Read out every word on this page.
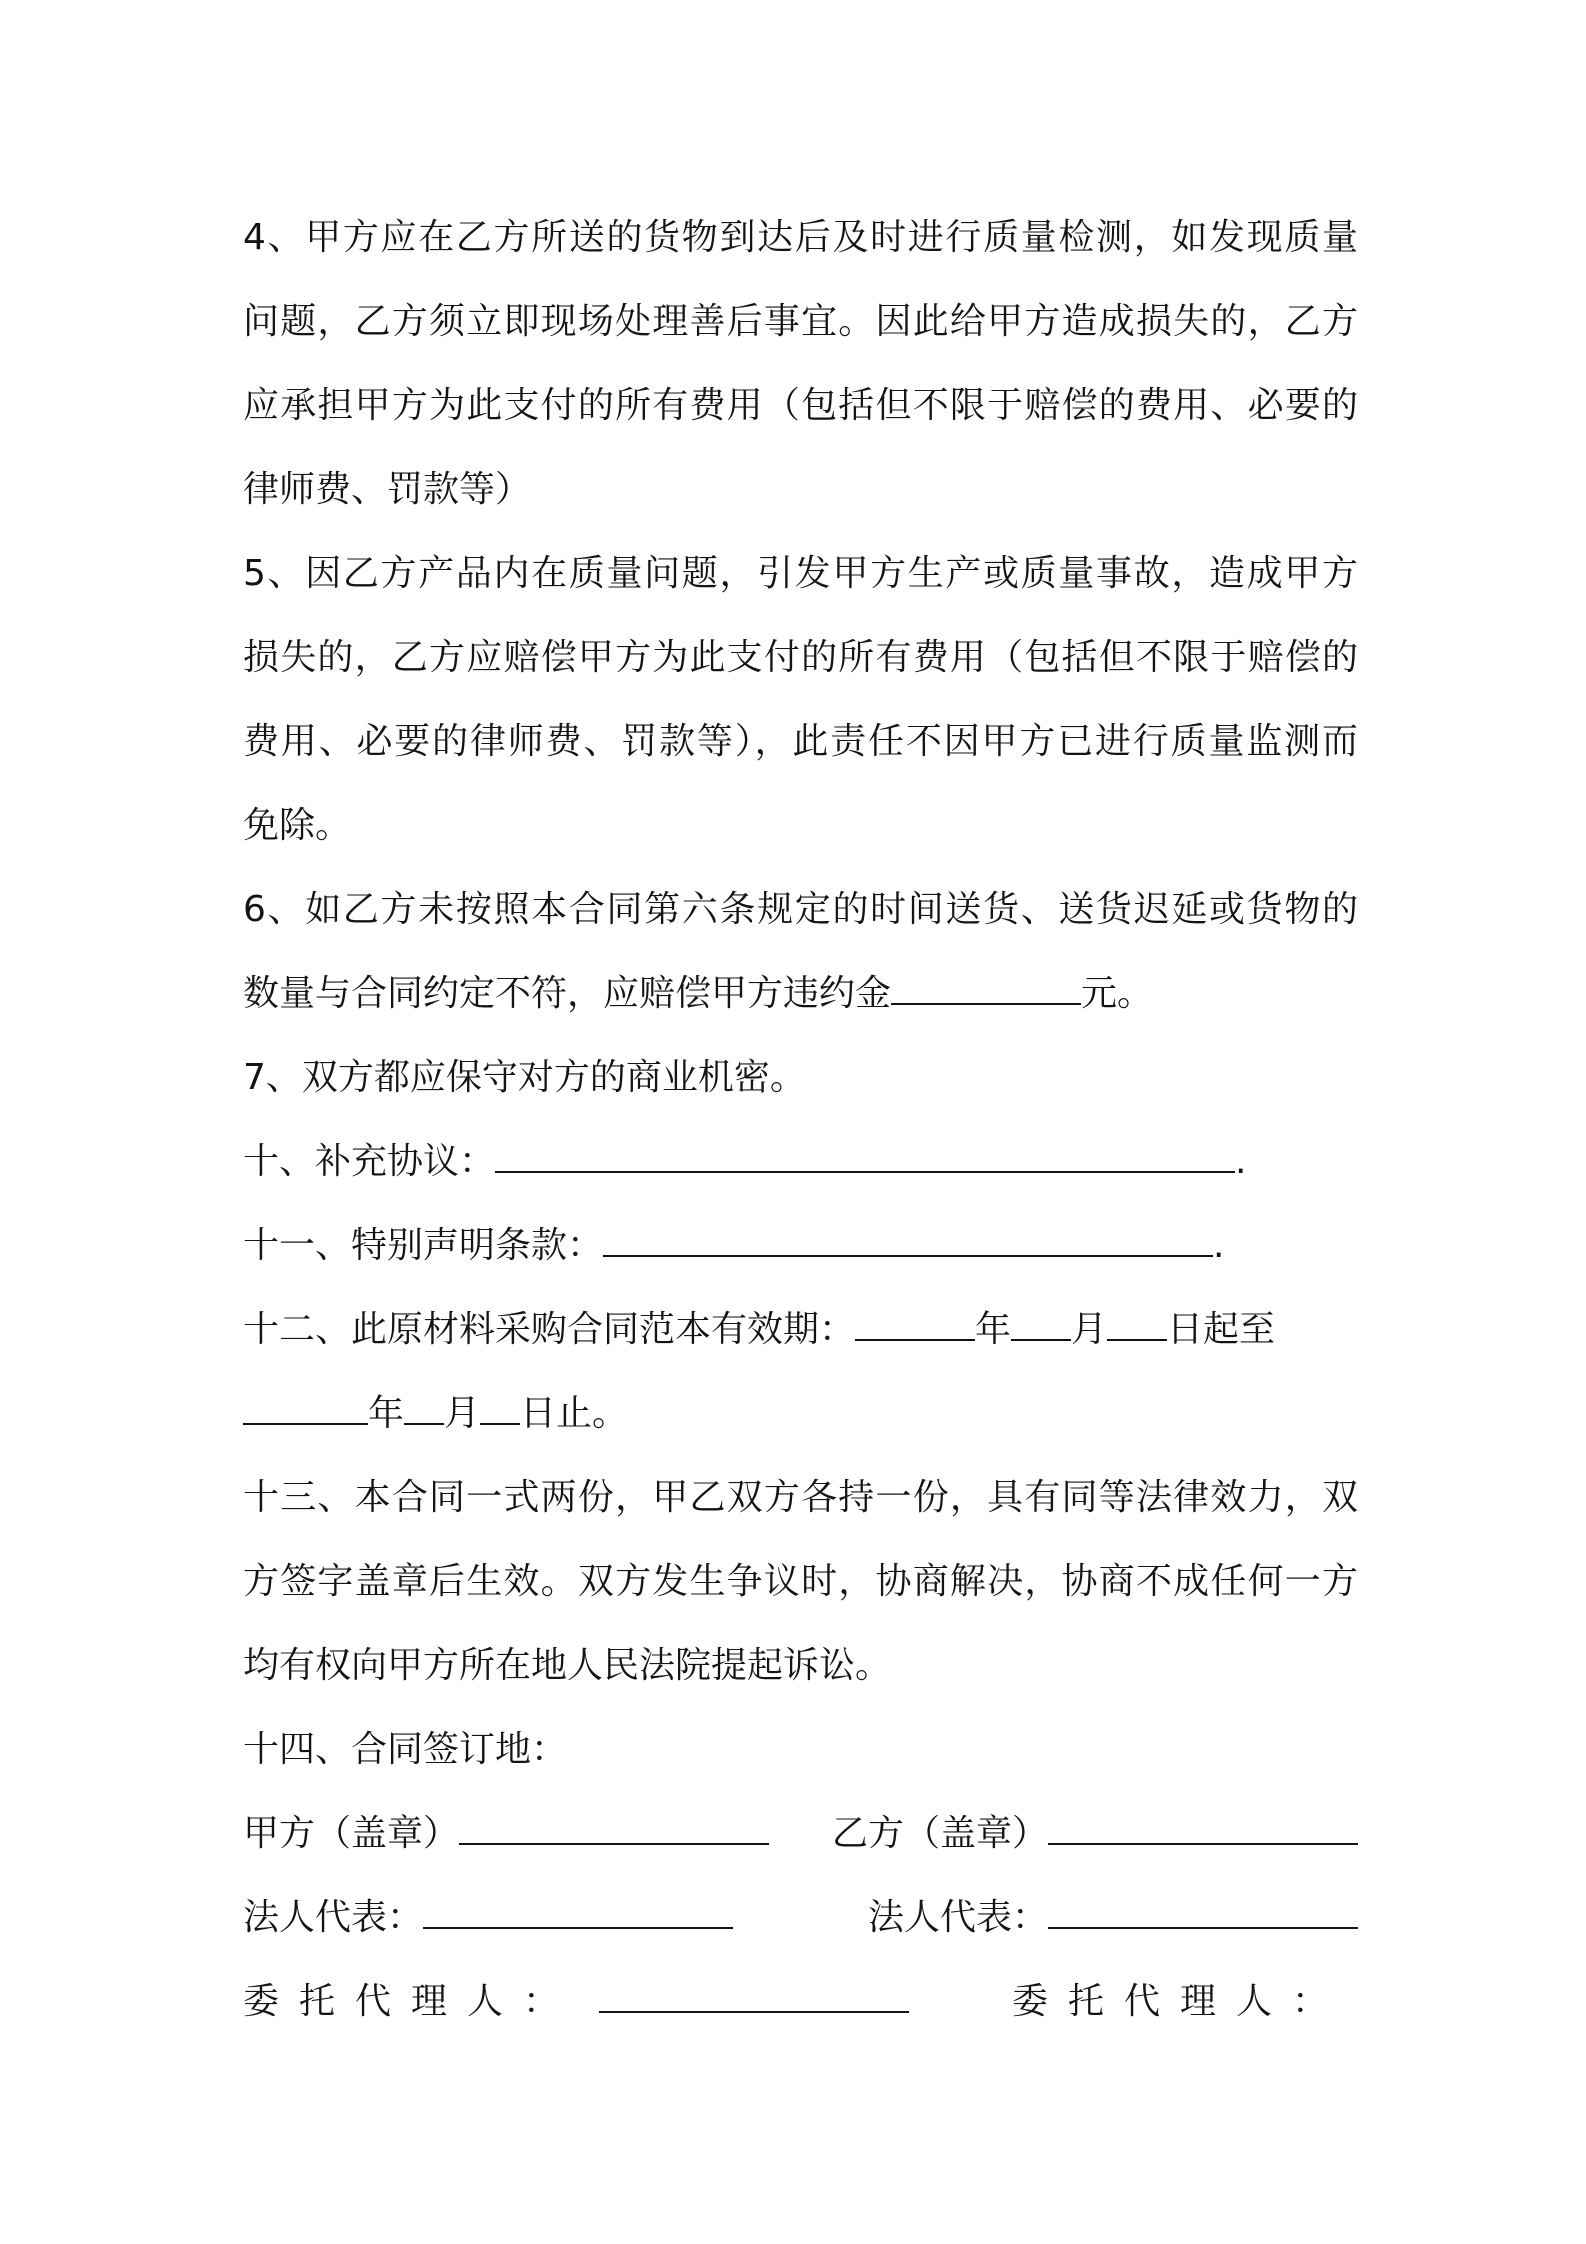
4、甲方应在乙方所送的货物到达后及时进行质量检测，如发现质量
问题，乙方须立即现场处理善后事宜。因此给甲方造成损失的，乙方
应承担甲方为此支付的所有费用（包括但不限于赔偿的费用、必要的
律师费、罚款等）
5、因乙方产品内在质量问题，引发甲方生产或质量事故，造成甲方
损失的，乙方应赔偿甲方为此支付的所有费用（包括但不限于赔偿的
费用、必要的律师费、罚款等），此责任不因甲方已进行质量监测而
免除。
6、如乙方未按照本合同第六条规定的时间送货、送货迟延或货物的
数量与合同约定不符，应赔偿甲方违约金	元。
7、双方都应保守对方的商业机密。
十、补充协议：	.
十一、特别声明条款：	.
十二、此原材料采购合同范本有效期：	年 月 日起至
年 月 日止。
十三、本合同一式两份，甲乙双方各持一份，具有同等法律效力，双
方签字盖章后生效。双方发生争议时，协商解决，协商不成任何一方
均有权向甲方所在地人民法院提起诉讼。
十四、合同签订地：
甲方（盖章）	乙方（盖章）
法人代表：	法人代表：
委托代理人：	委托代理人：
